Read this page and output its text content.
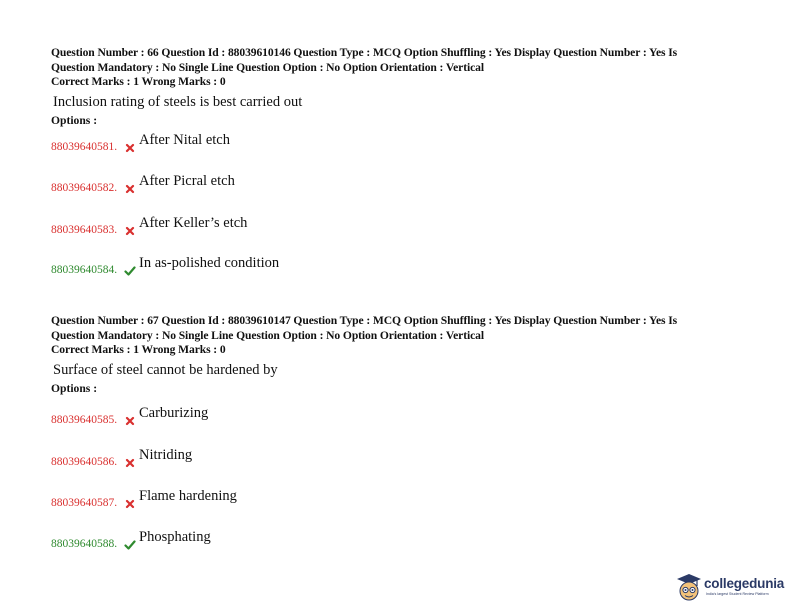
Question Number : 66 Question Id : 88039610146 Question Type : MCQ Option Shuffling : Yes Display Question Number : Yes Is
Question Mandatory : No Single Line Question Option : No Option Orientation : Vertical
Correct Marks : 1 Wrong Marks : 0
Inclusion rating of steels is best carried out
Options :
88039640581. After Nital etch
88039640582. After Picral etch
88039640583. After Keller’s etch
88039640584. In as-polished condition
Question Number : 67 Question Id : 88039610147 Question Type : MCQ Option Shuffling : Yes Display Question Number : Yes Is
Question Mandatory : No Single Line Question Option : No Option Orientation : Vertical
Correct Marks : 1 Wrong Marks : 0
Surface of steel cannot be hardened by
Options :
88039640585. Carburizing
88039640586. Nitriding
88039640587. Flame hardening
88039640588. Phosphating
collegedunia
India's largest Student Review Platform
